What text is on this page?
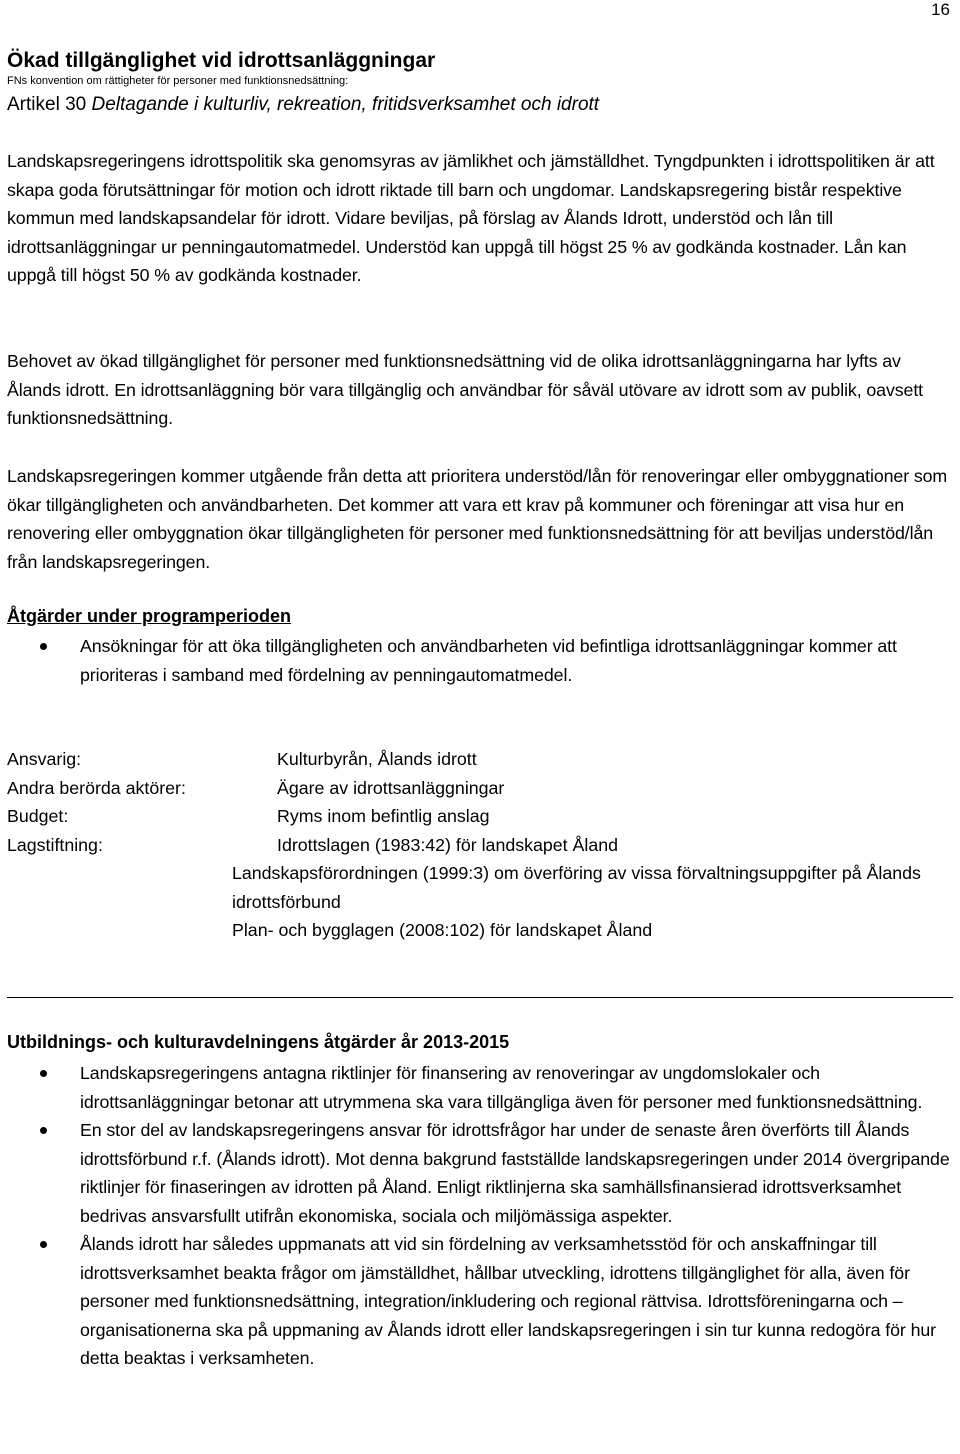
16
Ökad tillgänglighet vid idrottsanläggningar
FNs konvention om rättigheter för personer med funktionsnedsättning:
Artikel 30 Deltagande i kulturliv, rekreation, fritidsverksamhet och idrott

Landskapsregeringens idrottspolitik ska genomsyras av jämlikhet och jämställdhet. Tyngdpunkten i idrottspolitiken är att skapa goda förutsättningar för motion och idrott riktade till barn och ungdomar. Landskapsregering bistår respektive kommun med landskapsandelar för idrott. Vidare beviljas, på förslag av Ålands Idrott, understöd och lån till idrottsanläggningar ur penningautomatmedel. Understöd kan uppgå till högst 25 % av godkända kostnader. Lån kan uppgå till högst 50 % av godkända kostnader.

Behovet av ökad tillgänglighet för personer med funktionsnedsättning vid de olika idrottsanläggningarna har lyfts av Ålands idrott. En idrottsanläggning bör vara tillgänglig och användbar för såväl utövare av idrott som av publik, oavsett funktionsnedsättning.

Landskapsregeringen kommer utgående från detta att prioritera understöd/lån för renoveringar eller ombyggnationer som ökar tillgängligheten och användbarheten. Det kommer att vara ett krav på kommuner och föreningar att visa hur en renovering eller ombyggnation ökar tillgängligheten för personer med funktionsnedsättning för att beviljas understöd/lån från landskapsregeringen.

Åtgärder under programperioden
Ansökningar för att öka tillgängligheten och användbarheten vid befintliga idrottsanläggningar kommer att prioriteras i samband med fördelning av penningautomatmedel.
Ansvarig:	Kulturbyrån, Ålands idrott
Andra berörda aktörer:	Ägare av idrottsanläggningar
Budget:	Ryms inom befintlig anslag
Lagstiftning:	Idrottslagen (1983:42) för landskapet Åland
Landskapsförordningen (1999:3) om överföring av vissa förvaltningsuppgifter på Ålands idrottsförbund
Plan- och bygglagen (2008:102) för landskapet Åland
Utbildnings- och kulturavdelningens åtgärder år 2013-2015
Landskapsregeringens antagna riktlinjer för finansering av renoveringar av ungdomslokaler och idrottsanläggningar betonar att utrymmena ska vara tillgängliga även för personer med funktionsnedsättning.
En stor del av landskapsregeringens ansvar för idrottsfrågor har under de senaste åren överförts till Ålands idrottsförbund r.f. (Ålands idrott). Mot denna bakgrund fastställde landskapsregeringen under 2014 övergripande riktlinjer för finaseringen av idrotten på Åland. Enligt riktlinjerna ska samhällsfinansierad idrottsverksamhet bedrivas ansvarsfullt utifrån ekonomiska, sociala och miljömässiga aspekter.
Ålands idrott har således uppmanats att vid sin fördelning av verksamhetsstöd för och anskaffningar till idrottsverksamhet beakta frågor om jämställdhet, hållbar utveckling, idrottens tillgänglighet för alla, även för personer med funktionsnedsättning, integration/inkludering och regional rättvisa. Idrottsföreningarna och – organisationerna ska på uppmaning av Ålands idrott eller landskapsregeringen i sin tur kunna redogöra för hur detta beaktas i verksamheten.
